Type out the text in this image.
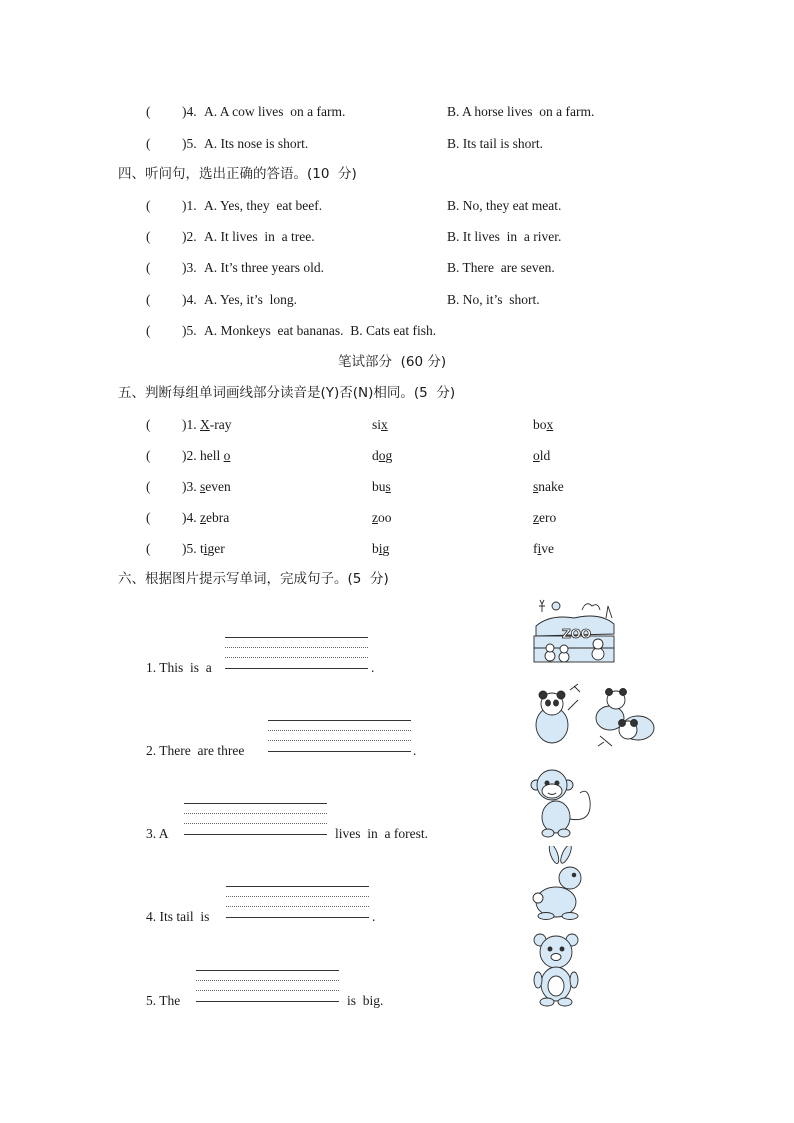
( )4. A. A cow lives  on a farm.	B. A horse lives  on a farm.
( )5. A. Its nose is short.	B. Its tail is short.
四、听问句，选出正确的答语。(10  分)
( )1. A. Yes, they  eat beef.	B. No, they eat meat.
( )2. A. It lives  in  a tree.	B. It lives  in  a river.
( )3. A. It’s three years old.	B. There  are seven.
( )4. A. Yes, it’s  long.	B. No, it’s  short.
( )5. A. Monkeys  eat bananas.  B. Cats eat fish.
笔试部分  (60 分)
五、判断每组单词画线部分读音是(Y)否(N)相同。(5  分)
( )1. X-ray	six	box
( )2. hell o	dog	old
( )3. seven	bus	snake
( )4. zebra	zoo	zero
( )5. tiger	big	five
六、根据图片提示写单词，完成句子。(5  分)
1. This  is  a	.
2. There  are three	.
3. A	lives  in  a forest.
4. Its tail  is	.
5. The	is  big.
ZOO
